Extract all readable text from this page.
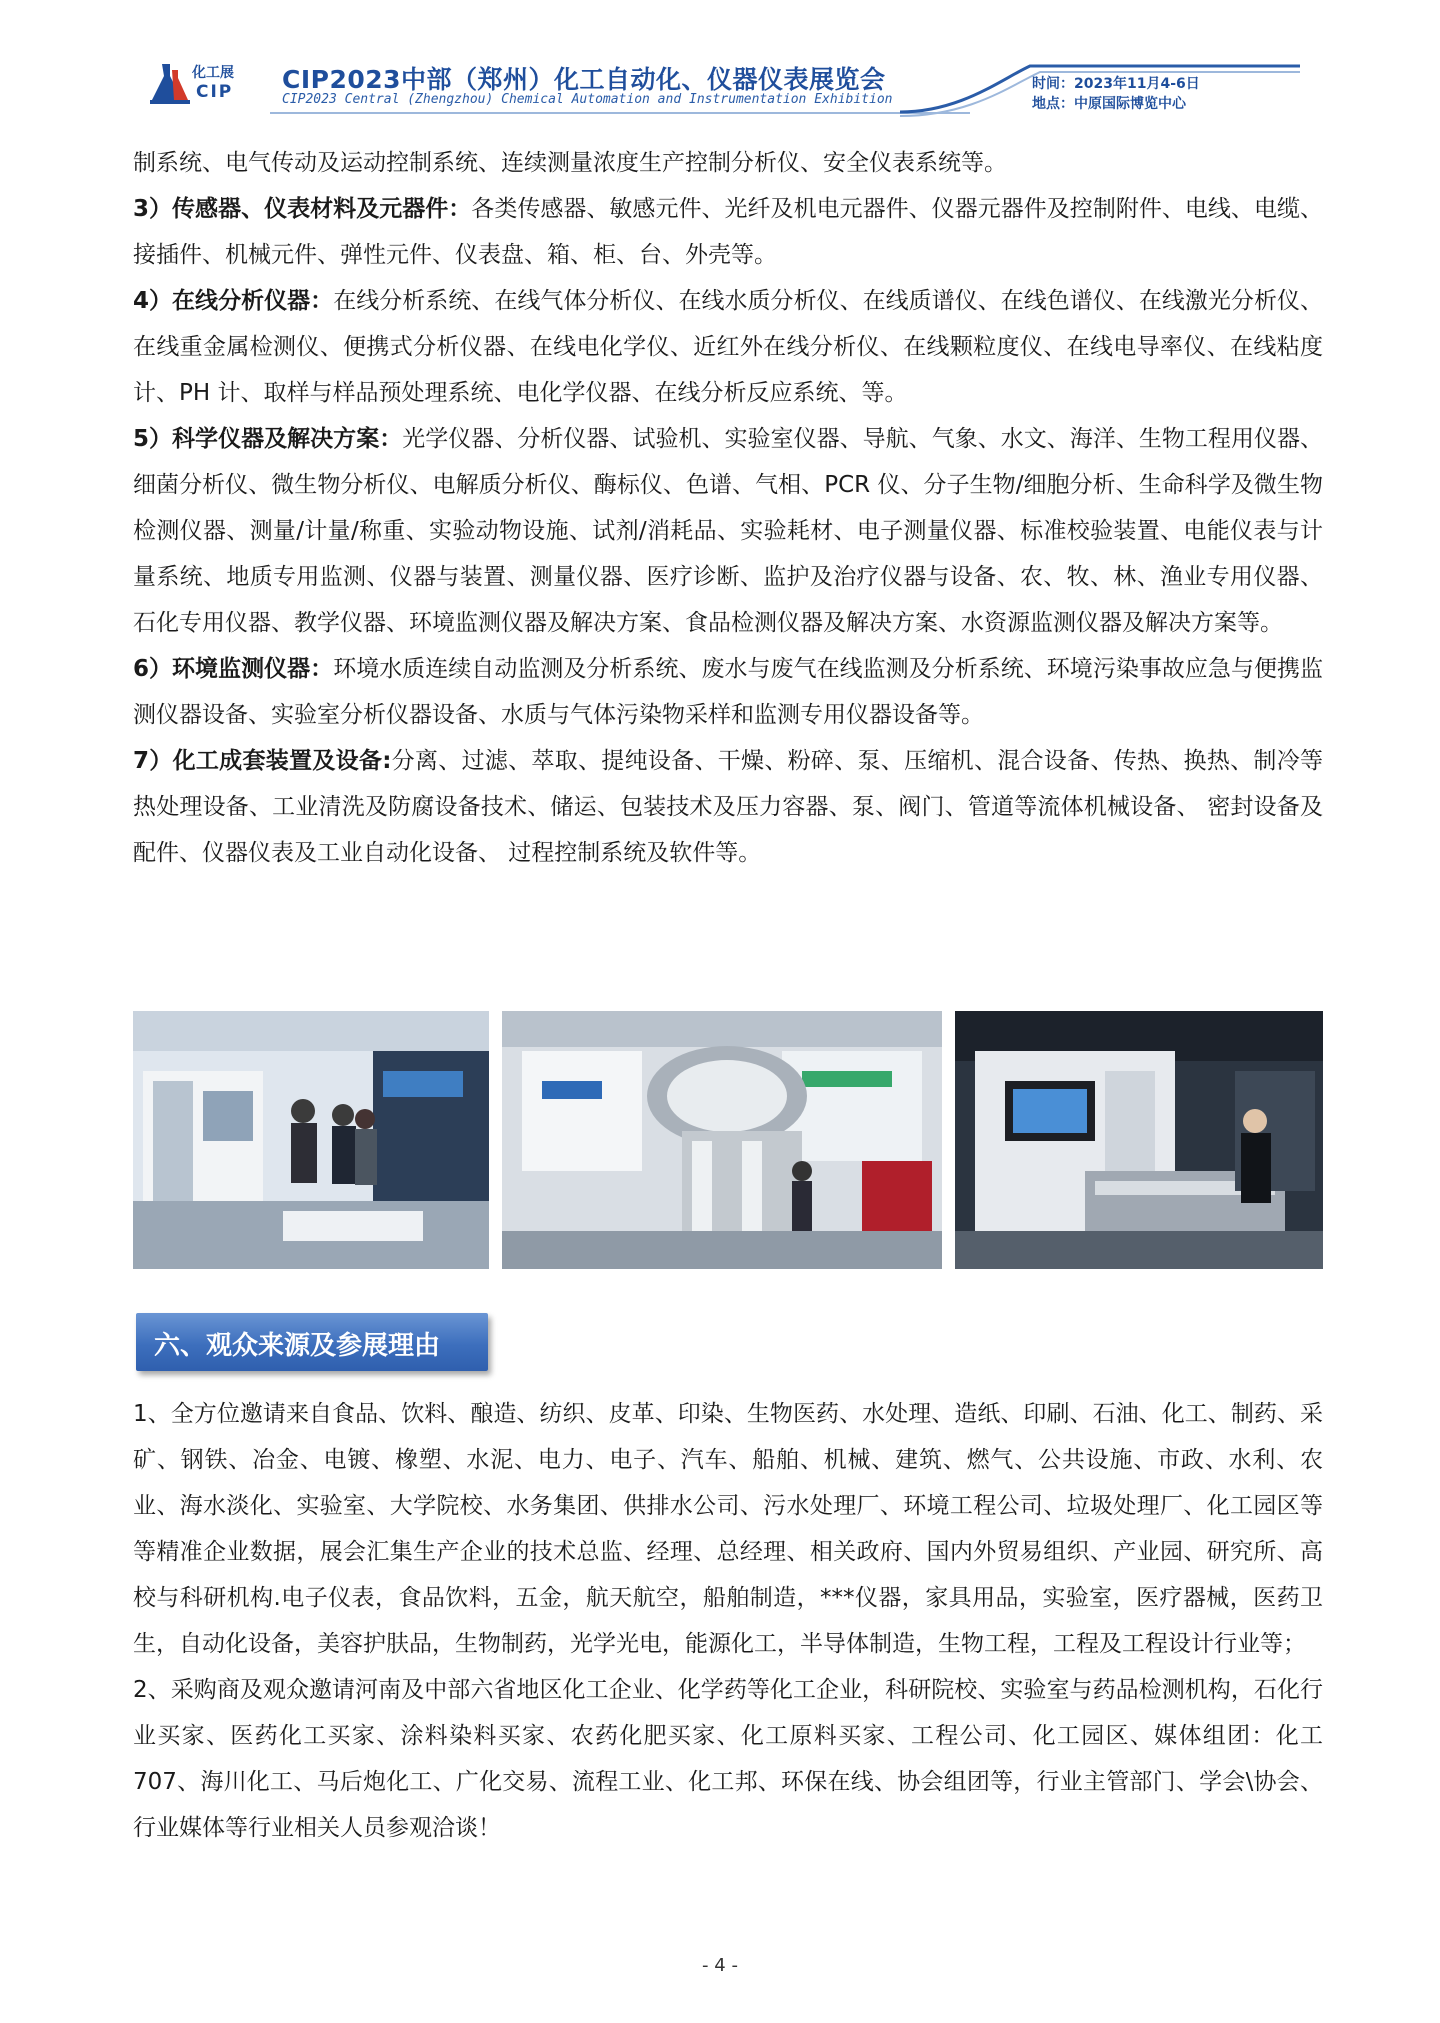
化工展
CIP CIP2023中部（郑州）化工自动化、仪器仪表展览会
CIP2023 Central (Zhengzhou) Chemical Automation and Instrumentation Exhibition
时间：2023年11月4-6日
地点：中原国际博览中心

制系统、电气传动及运动控制系统、连续测量浓度生产控制分析仪、安全仪表系统等。

3）传感器、仪表材料及元器件：各类传感器、敏感元件、光纤及机电元器件、仪器元器件及控制附件、电线、电缆、接插件、机械元件、弹性元件、仪表盘、箱、柜、台、外壳等。

4）在线分析仪器：在线分析系统、在线气体分析仪、在线水质分析仪、在线质谱仪、在线色谱仪、在线激光分析仪、在线重金属检测仪、便携式分析仪器、在线电化学仪、近红外在线分析仪、在线颗粒度仪、在线电导率仪、在线粘度计、PH 计、取样与样品预处理系统、电化学仪器、在线分析反应系统、等。

5）科学仪器及解决方案：光学仪器、分析仪器、试验机、实验室仪器、导航、气象、水文、海洋、生物工程用仪器、细菌分析仪、微生物分析仪、电解质分析仪、酶标仪、色谱、气相、PCR 仪、分子生物/细胞分析、生命科学及微生物检测仪器、测量/计量/称重、实验动物设施、试剂/消耗品、实验耗材、电子测量仪器、标准校验装置、电能仪表与计量系统、地质专用监测、仪器与装置、测量仪器、医疗诊断、监护及治疗仪器与设备、农、牧、林、渔业专用仪器、石化专用仪器、教学仪器、环境监测仪器及解决方案、食品检测仪器及解决方案、水资源监测仪器及解决方案等。

6）环境监测仪器：环境水质连续自动监测及分析系统、废水与废气在线监测及分析系统、环境污染事故应急与便携监测仪器设备、实验室分析仪器设备、水质与气体污染物采样和监测专用仪器设备等。

7）化工成套装置及设备:分离、过滤、萃取、提纯设备、干燥、粉碎、泵、压缩机、混合设备、传热、换热、制冷等热处理设备、工业清洗及防腐设备技术、储运、包装技术及压力容器、泵、阀门、管道等流体机械设备、 密封设备及配件、仪器仪表及工业自动化设备、 过程控制系统及软件等。

六、观众来源及参展理由

1、全方位邀请来自食品、饮料、酿造、纺织、皮革、印染、生物医药、水处理、造纸、印刷、石油、化工、制药、采矿、钢铁、冶金、电镀、橡塑、水泥、电力、电子、汽车、船舶、机械、建筑、燃气、公共设施、市政、水利、农业、海水淡化、实验室、大学院校、水务集团、供排水公司、污水处理厂、环境工程公司、垃圾处理厂、化工园区等等精准企业数据，展会汇集生产企业的技术总监、经理、总经理、相关政府、国内外贸易组织、产业园、研究所、高校与科研机构.电子仪表，食品饮料，五金，航天航空，船舶制造，***仪器，家具用品，实验室，医疗器械，医药卫生，自动化设备，美容护肤品，生物制药，光学光电，能源化工，半导体制造，生物工程，工程及工程设计行业等；

2、采购商及观众邀请河南及中部六省地区化工企业、化学药等化工企业，科研院校、实验室与药品检测机构，石化行业买家、医药化工买家、涂料染料买家、农药化肥买家、化工原料买家、工程公司、化工园区、媒体组团：化工 707、海川化工、马后炮化工、广化交易、流程工业、化工邦、环保在线、协会组团等，行业主管部门、学会\协会、行业媒体等行业相关人员参观洽谈！

- 4 -
